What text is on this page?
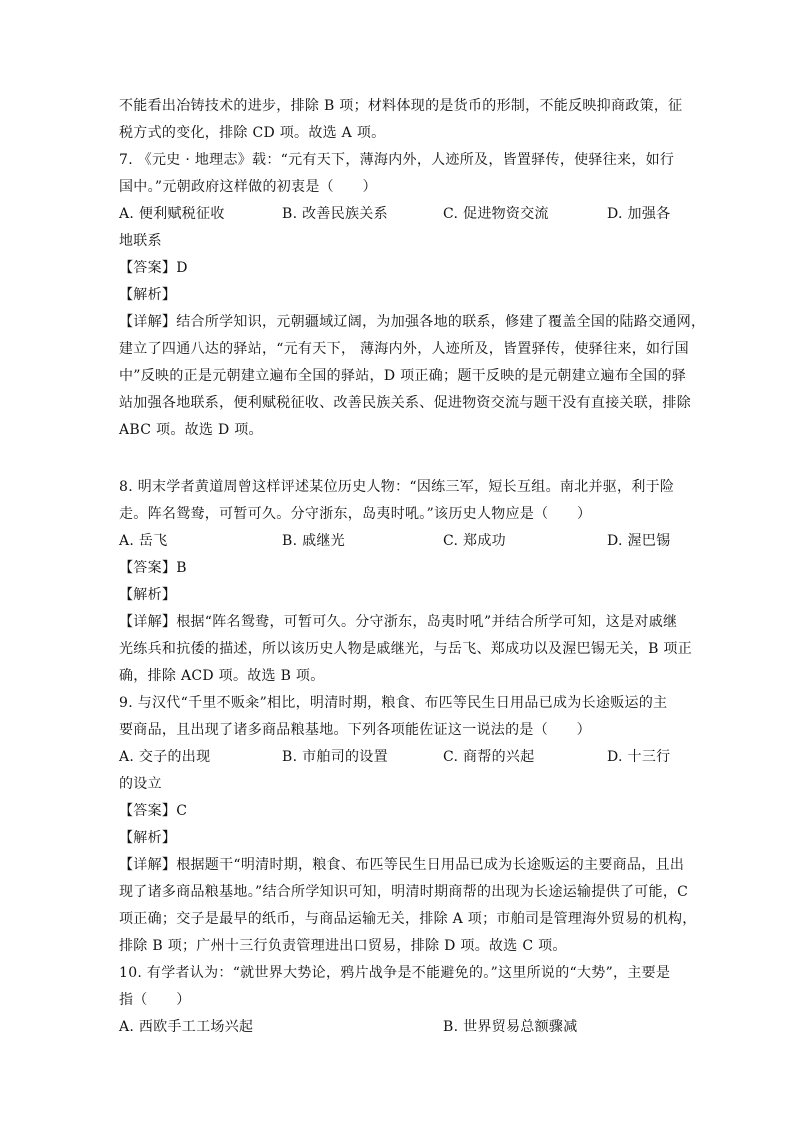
不能看出冶铸技术的进步，排除 B 项；材料体现的是货币的形制，不能反映抑商政策，征
税方式的变化，排除 CD 项。故选 A 项。
7. 《元史 · 地理志》载：“元有天下，薄海内外，人迹所及，皆置驿传，使驿往来，如行
国中。”元朝政府这样做的初衷是（　　）
A. 便利赋税征收	B. 改善民族关系	C. 促进物资交流	D. 加强各
地联系
【答案】D
【解析】
【详解】结合所学知识，元朝疆域辽阔，为加强各地的联系，修建了覆盖全国的陆路交通网，
建立了四通八达的驿站，“元有天下， 薄海内外，人迹所及，皆置驿传，使驿往来，如行国
中”反映的正是元朝建立遍布全国的驿站，D 项正确；题干反映的是元朝建立遍布全国的驿
站加强各地联系，便利赋税征收、改善民族关系、促进物资交流与题干没有直接关联，排除
ABC 项。故选 D 项。
8. 明末学者黄道周曾这样评述某位历史人物：“因练三军，短长互组。南北并驱，利于险
走。阵名鸳鸯，可暂可久。分守浙东，岛夷时吼。”该历史人物应是（　　）
A. 岳飞	B. 戚继光	C. 郑成功	D. 渥巴锡
【答案】B
【解析】
【详解】根据“阵名鸳鸯，可暂可久。分守浙东，岛夷时吼”并结合所学可知，这是对戚继
光练兵和抗倭的描述，所以该历史人物是戚继光，与岳飞、郑成功以及渥巴锡无关，B 项正
确，排除 ACD 项。故选 B 项。
9. 与汉代“千里不贩籴”相比，明清时期，粮食、布匹等民生日用品已成为长途贩运的主
要商品，且出现了诸多商品粮基地。下列各项能佐证这一说法的是（　　）
A. 交子的出现	B. 市舶司的设置	C. 商帮的兴起	D. 十三行
的设立
【答案】C
【解析】
【详解】根据题干“明清时期，粮食、布匹等民生日用品已成为长途贩运的主要商品，且出
现了诸多商品粮基地。”结合所学知识可知，明清时期商帮的出现为长途运输提供了可能，C
项正确；交子是最早的纸币，与商品运输无关，排除 A 项；市舶司是管理海外贸易的机构，
排除 B 项；广州十三行负责管理进出口贸易，排除 D 项。故选 C 项。
10. 有学者认为：“就世界大势论，鸦片战争是不能避免的。”这里所说的“大势”，主要是
指（　　）
A. 西欧手工工场兴起	B. 世界贸易总额骤减
